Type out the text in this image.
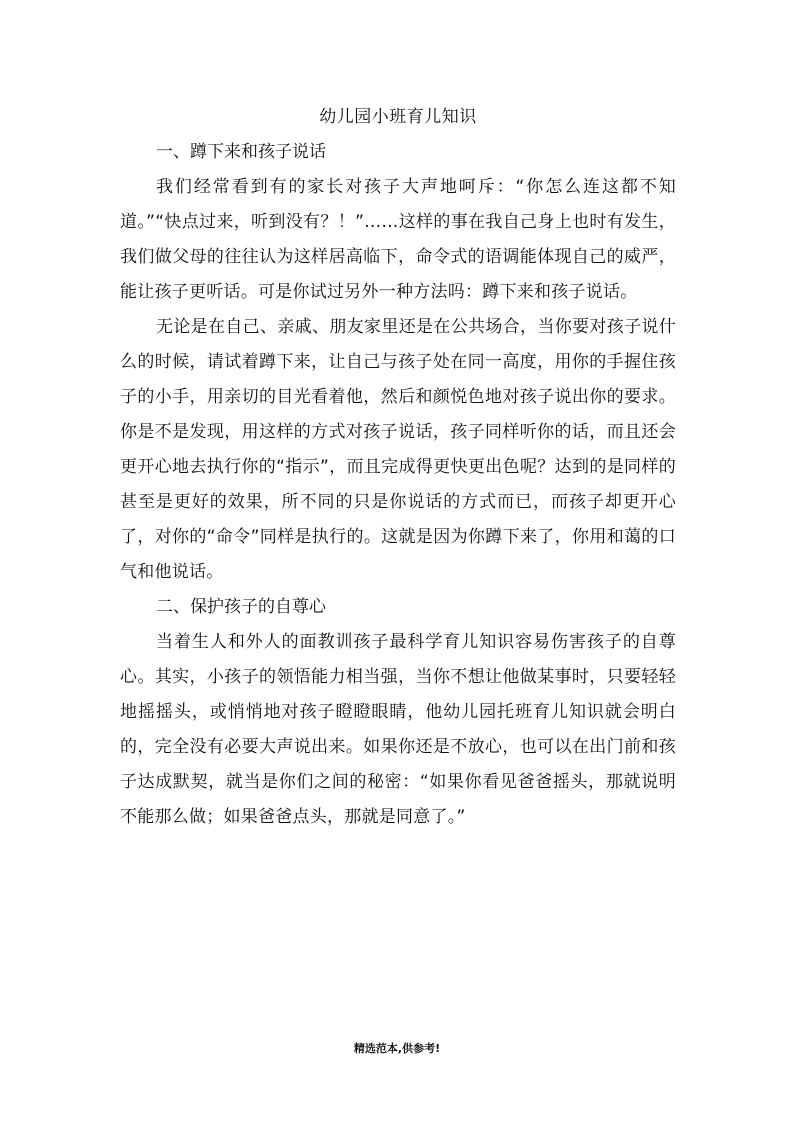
幼儿园小班育儿知识
一、蹲下来和孩子说话

我们经常看到有的家长对孩子大声地呵斥：“你怎么连这都不知道。”“快点过来，听到没有？！”……这样的事在我自己身上也时有发生，我们做父母的往往认为这样居高临下，命令式的语调能体现自己的威严，能让孩子更听话。可是你试过另外一种方法吗：蹲下来和孩子说话。

无论是在自己、亲戚、朋友家里还是在公共场合，当你要对孩子说什么的时候，请试着蹲下来，让自己与孩子处在同一高度，用你的手握住孩子的小手，用亲切的目光看着他，然后和颜悦色地对孩子说出你的要求。你是不是发现，用这样的方式对孩子说话，孩子同样听你的话，而且还会更开心地去执行你的“指示”，而且完成得更快更出色呢？达到的是同样的甚至是更好的效果，所不同的只是你说话的方式而已，而孩子却更开心了，对你的“命令”同样是执行的。这就是因为你蹲下来了，你用和蔼的口气和他说话。

二、保护孩子的自尊心

当着生人和外人的面教训孩子最科学育儿知识容易伤害孩子的自尊心。其实，小孩子的领悟能力相当强，当你不想让他做某事时，只要轻轻地摇摇头，或悄悄地对孩子瞪瞪眼睛，他幼儿园托班育儿知识就会明白的，完全没有必要大声说出来。如果你还是不放心，也可以在出门前和孩子达成默契，就当是你们之间的秘密：“如果你看见爸爸摇头，那就说明不能那么做；如果爸爸点头，那就是同意了。”

精选范本,供参考!
